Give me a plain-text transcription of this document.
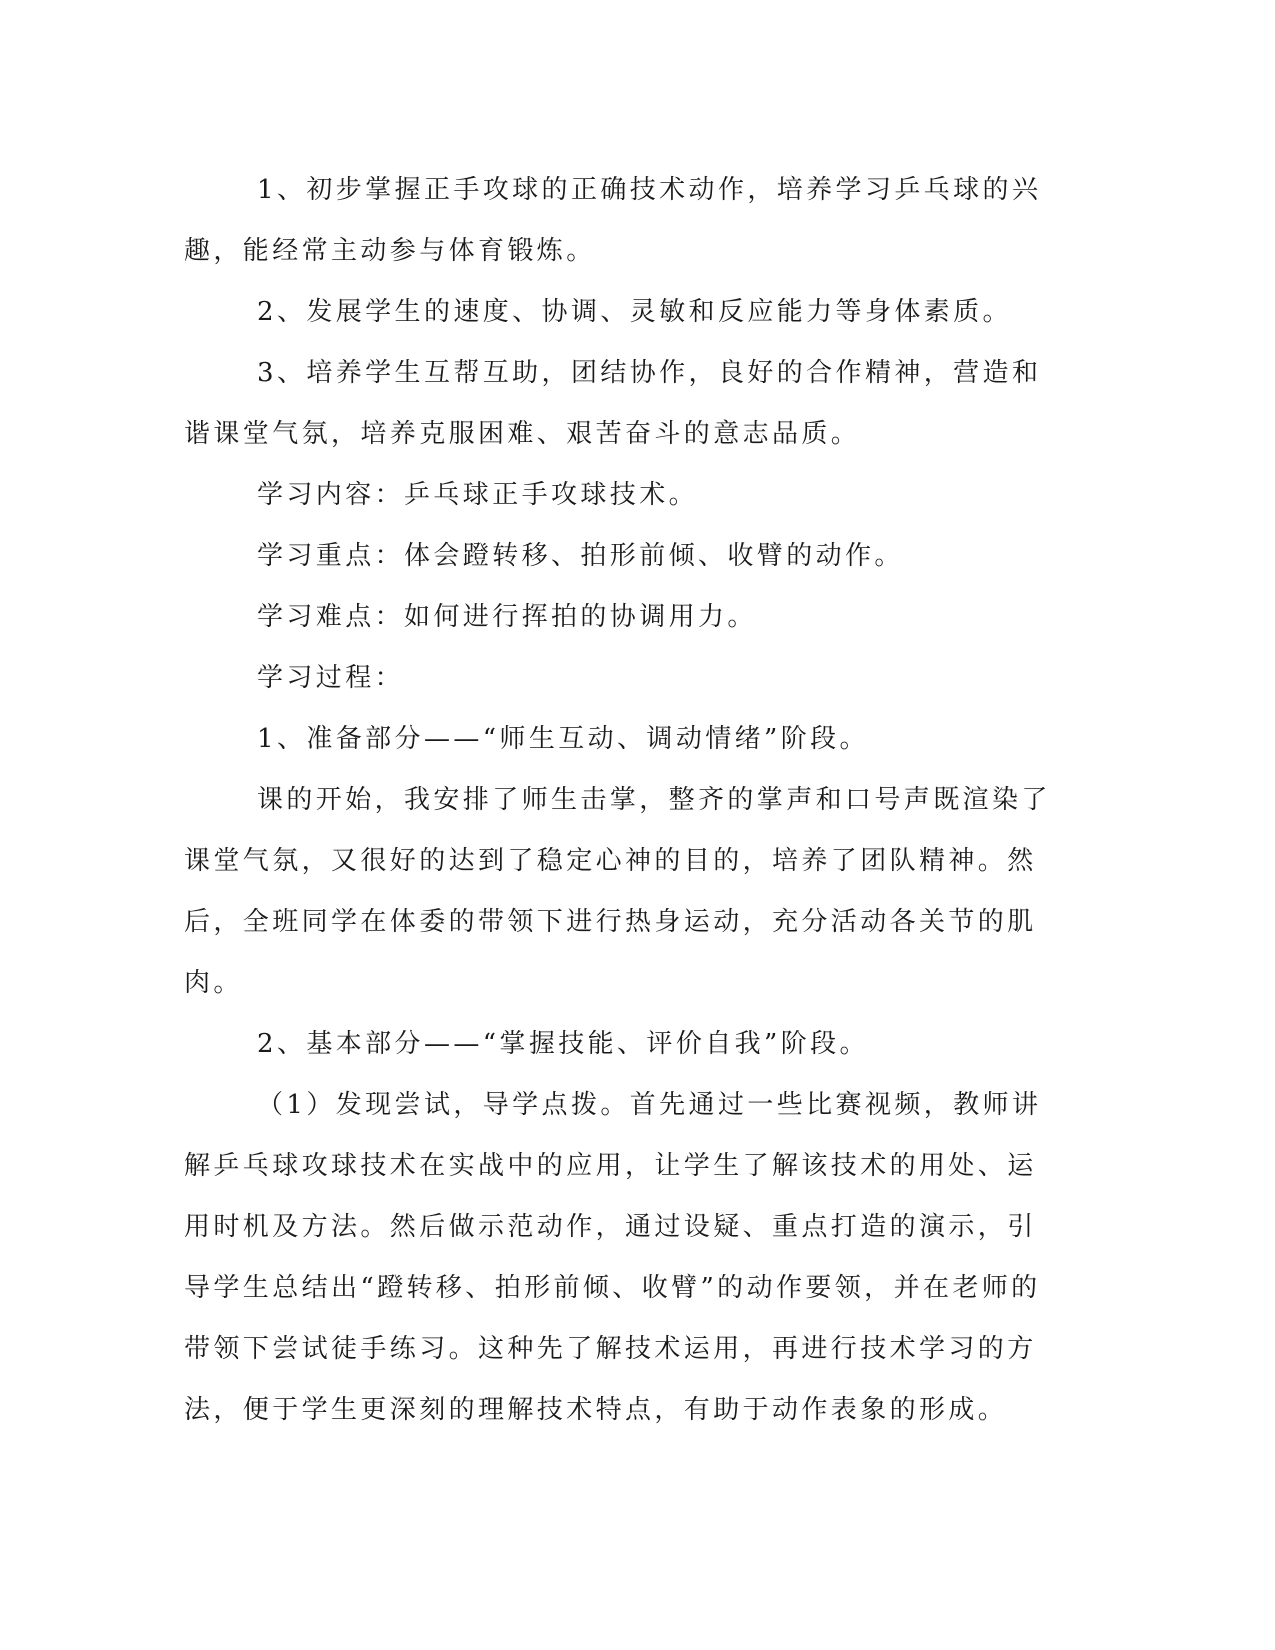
1、初步掌握正手攻球的正确技术动作，培养学习乒乓球的兴趣，能经常主动参与体育锻炼。

2、发展学生的速度、协调、灵敏和反应能力等身体素质。

3、培养学生互帮互助，团结协作，良好的合作精神，营造和谐课堂气氛，培养克服困难、艰苦奋斗的意志品质。

学习内容：乒乓球正手攻球技术。

学习重点：体会蹬转移、拍形前倾、收臂的动作。

学习难点：如何进行挥拍的协调用力。

学习过程：

1、准备部分——“师生互动、调动情绪”阶段。

课的开始，我安排了师生击掌，整齐的掌声和口号声既渲染了课堂气氛，又很好的达到了稳定心神的目的，培养了团队精神。然后，全班同学在体委的带领下进行热身运动，充分活动各关节的肌肉。

2、基本部分——“掌握技能、评价自我”阶段。

（1）发现尝试，导学点拨。首先通过一些比赛视频，教师讲解乒乓球攻球技术在实战中的应用，让学生了解该技术的用处、运用时机及方法。然后做示范动作，通过设疑、重点打造的演示，引导学生总结出“蹬转移、拍形前倾、收臂”的动作要领，并在老师的带领下尝试徒手练习。这种先了解技术运用，再进行技术学习的方法，便于学生更深刻的理解技术特点，有助于动作表象的形成。
